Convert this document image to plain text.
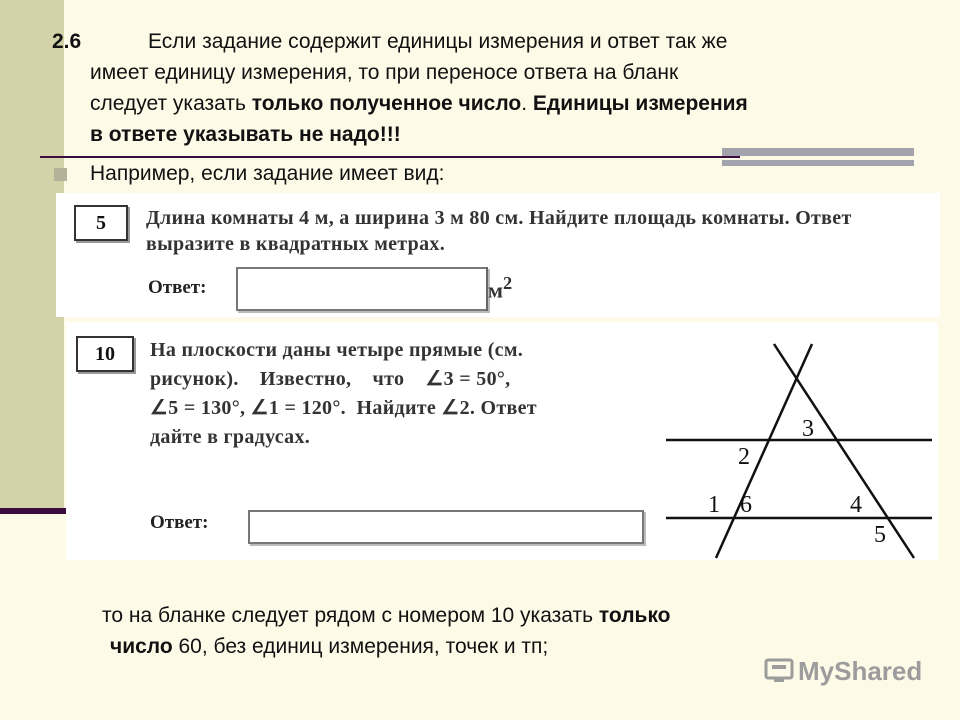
2.6	Если задание содержит единицы измерения и ответ так же
имеет единицу измерения, то при переносе ответа на бланк
следует указать только полученное число. Единицы измерения
в ответе указывать не надо!!!
Например, если задание имеет вид:
5	Длина комнаты 4 м, а ширина 3 м 80 см. Найдите площадь комнаты. Ответ выразите в квадратных метрах.
Ответ:	$м^2$
10	На плоскости даны четыре прямые (см.
рисунок).    Известно,    что    ∠3 = 50°,
∠5 = 130°, ∠1 = 120°.  Найдите ∠2. Ответ
дайте в градусах.
Ответ:
3
2
1 6	4
5
то на бланке следует рядом с номером 10 указать только
число 60, без единиц измерения, точек и тп;
MyShared
